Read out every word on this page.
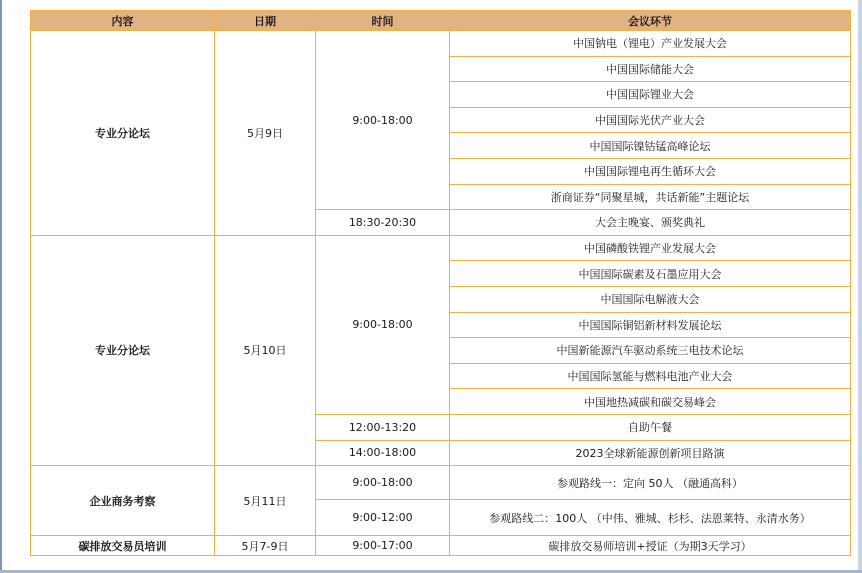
内容	日期	时间	会议环节
专业分论坛	5月9日	9:00-18:00	中国钠电（锂电）产业发展大会
			中国国际储能大会
			中国国际锂业大会
			中国国际光伏产业大会
			中国国际镍钴锰高峰论坛
			中国国际锂电再生循环大会
			浙商证券“同聚星城，共话新能”主题论坛
		18:30-20:30	大会主晚宴、颁奖典礼
专业分论坛	5月10日	9:00-18:00	中国磷酸铁锂产业发展大会
			中国国际碳素及石墨应用大会
			中国国际电解液大会
			中国国际铜铝新材料发展论坛
			中国新能源汽车驱动系统三电技术论坛
			中国国际氢能与燃料电池产业大会
			中国地热减碳和碳交易峰会
		12:00-13:20	自助午餐
		14:00-18:00	2023全球新能源创新项目路演
企业商务考察	5月11日	9:00-18:00	参观路线一：定向 50人 （融通高科）
		9:00-12:00	参观路线二：100人 （中伟、雅城、杉杉、法恩莱特、永清水务）
碳排放交易员培训	5月7-9日	9:00-17:00	碳排放交易师培训+授证（为期3天学习）
